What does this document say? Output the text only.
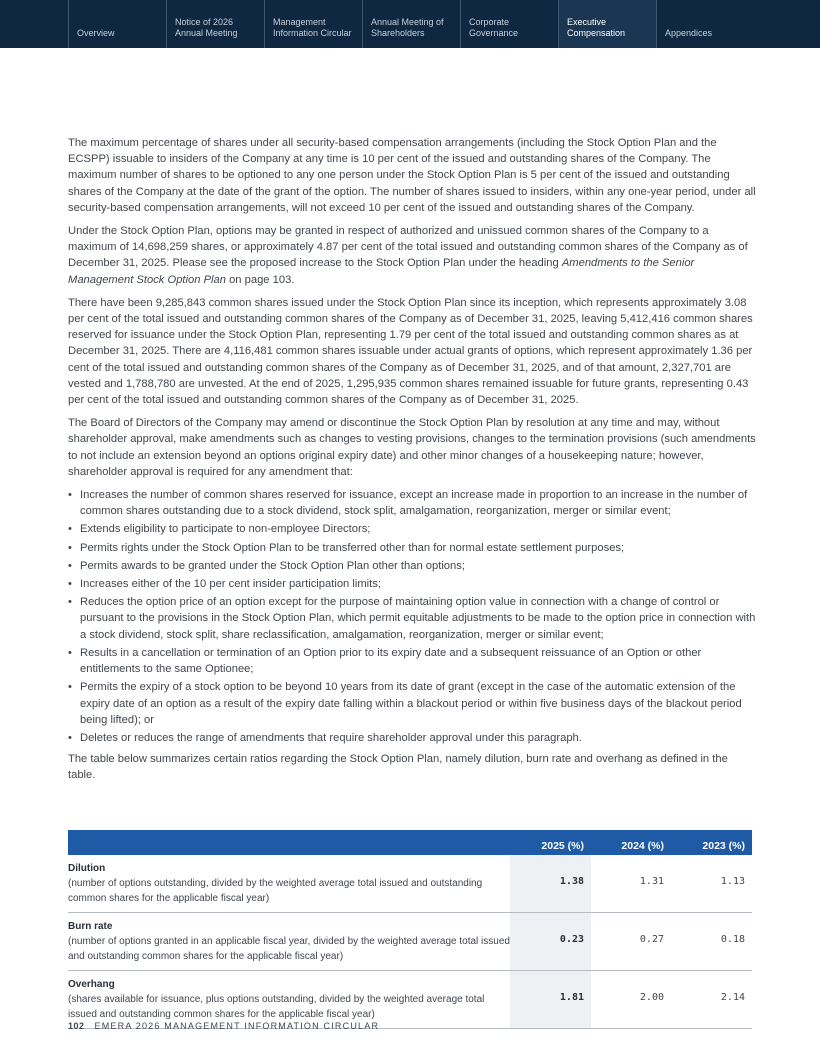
Overview
Notice of 2026
Annual Meeting
Management
Information Circular
Annual Meeting of
Shareholders
Corporate
Governance
Executive
Compensation	Appendices

The maximum percentage of shares under all security-based compensation arrangements (including the Stock Option Plan and the ECSPP) issuable to insiders of the Company at any time is 10 per cent of the issued and outstanding shares of the Company. The maximum number of shares to be optioned to any one person under the Stock Option Plan is 5 per cent of the issued and outstanding shares of the Company at the date of the grant of the option. The number of shares issued to insiders, within any one-year period, under all security-based compensation arrangements, will not exceed 10 per cent of the issued and outstanding shares of the Company.

Under the Stock Option Plan, options may be granted in respect of authorized and unissued common shares of the Company to a maximum of 14,698,259 shares, or approximately 4.87 per cent of the total issued and outstanding common shares of the Company as of December 31, 2025. Please see the proposed increase to the Stock Option Plan under the heading Amendments to the Senior Management Stock Option Plan on page 103.

There have been 9,285,843 common shares issued under the Stock Option Plan since its inception, which represents approximately 3.08 per cent of the total issued and outstanding common shares of the Company as of December 31, 2025, leaving 5,412,416 common shares reserved for issuance under the Stock Option Plan, representing 1.79 per cent of the total issued and outstanding common shares as at December 31, 2025. There are 4,116,481 common shares issuable under actual grants of options, which represent approximately 1.36 per cent of the total issued and outstanding common shares of the Company as of December 31, 2025, and of that amount, 2,327,701 are vested and 1,788,780 are unvested. At the end of 2025, 1,295,935 common shares remained issuable for future grants, representing 0.43 per cent of the total issued and outstanding common shares of the Company as of December 31, 2025.

The Board of Directors of the Company may amend or discontinue the Stock Option Plan by resolution at any time and may, without shareholder approval, make amendments such as changes to vesting provisions, changes to the termination provisions (such amendments to not include an extension beyond an options original expiry date) and other minor changes of a housekeeping nature; however, shareholder approval is required for any amendment that:

• Increases the number of common shares reserved for issuance, except an increase made in proportion to an increase in the number of common shares outstanding due to a stock dividend, stock split, amalgamation, reorganization, merger or similar event;
• Extends eligibility to participate to non-employee Directors;
• Permits rights under the Stock Option Plan to be transferred other than for normal estate settlement purposes;
• Permits awards to be granted under the Stock Option Plan other than options;
• Increases either of the 10 per cent insider participation limits;
• Reduces the option price of an option except for the purpose of maintaining option value in connection with a change of control or pursuant to the provisions in the Stock Option Plan, which permit equitable adjustments to be made to the option price in connection with a stock dividend, stock split, share reclassification, amalgamation, reorganization, merger or similar event;
• Results in a cancellation or termination of an Option prior to its expiry date and a subsequent reissuance of an Option or other entitlements to the same Optionee;
• Permits the expiry of a stock option to be beyond 10 years from its date of grant (except in the case of the automatic extension of the expiry date of an option as a result of the expiry date falling within a blackout period or within five business days of the blackout period being lifted); or
• Deletes or reduces the range of amendments that require shareholder approval under this paragraph.

The table below summarizes certain ratios regarding the Stock Option Plan, namely dilution, burn rate and overhang as defined in the table.

	2025 (%)	2024 (%)	2023 (%)

Dilution
(number of options outstanding, divided by the weighted average total issued and outstanding common shares for the applicable fiscal year)	1.38	1.31	1.13

Burn rate
(number of options granted in an applicable fiscal year, divided by the weighted average total issued and outstanding common shares for the applicable fiscal year)	0.23	0.27	0.18

Overhang
(shares available for issuance, plus options outstanding, divided by the weighted average total issued and outstanding common shares for the applicable fiscal year)	1.81	2.00	2.14
102 EMERA 2026 MANAGEMENT INFORMATION CIRCULAR
